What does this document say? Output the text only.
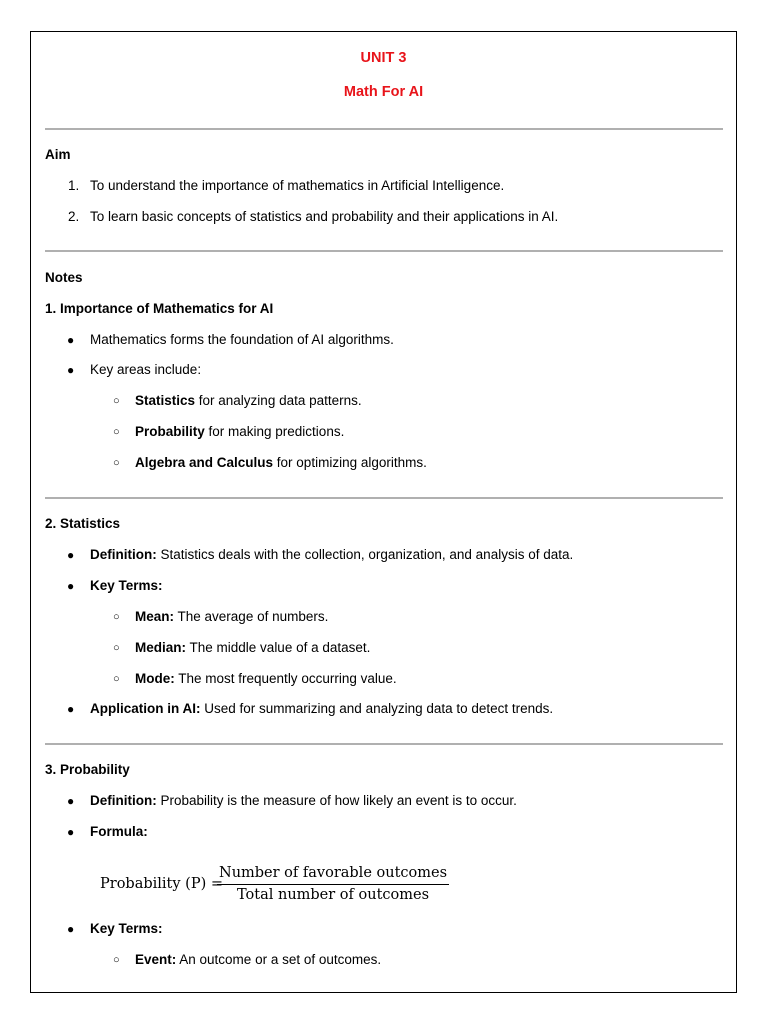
UNIT 3
Math For AI
Aim
1. To understand the importance of mathematics in Artificial Intelligence.
2. To learn basic concepts of statistics and probability and their applications in AI.
Notes
1. Importance of Mathematics for AI
● Mathematics forms the foundation of AI algorithms.
● Key areas include:
○ Statistics for analyzing data patterns.
○ Probability for making predictions.
○ Algebra and Calculus for optimizing algorithms.
2. Statistics
● Definition: Statistics deals with the collection, organization, and analysis of data.
● Key Terms:
○ Mean: The average of numbers.
○ Median: The middle value of a dataset.
○ Mode: The most frequently occurring value.
● Application in AI: Used for summarizing and analyzing data to detect trends.
3. Probability
● Definition: Probability is the measure of how likely an event is to occur.
● Formula:
Probability (P) =
Number of favorable outcomes
Total number of outcomes
● Key Terms:
○ Event: An outcome or a set of outcomes.
